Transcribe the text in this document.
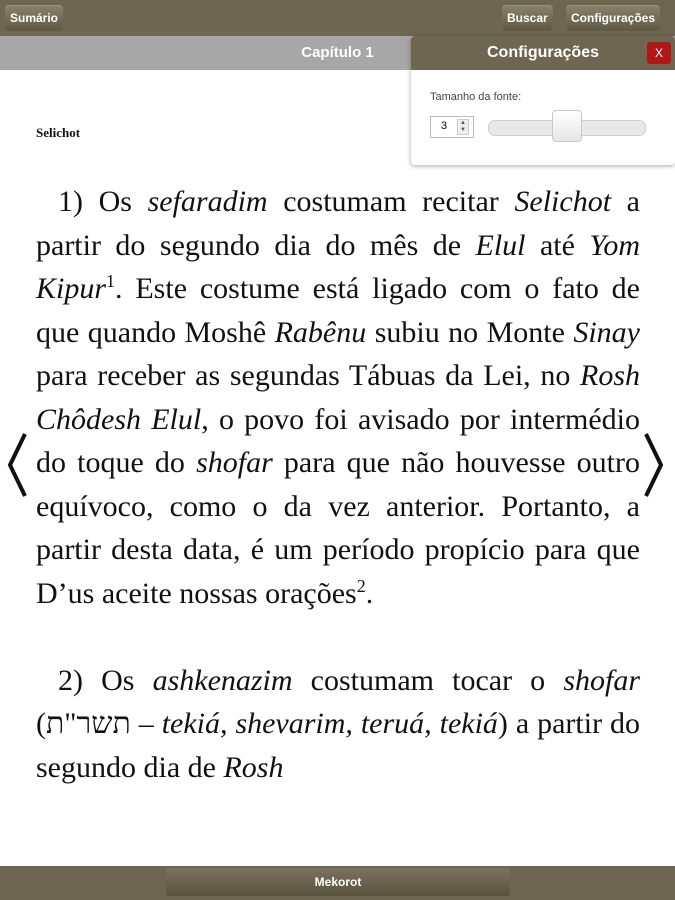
Sumário	Buscar	Configurações
Capítulo 1
Selichot

1) Os sefaradim costumam recitar Selichot a partir do segundo dia do mês de Elul até Yom Kipur$^1$. Este costume está ligado com o fato de que quando Moshê Rabênu subiu no Monte Sinay para receber as segundas Tábuas da Lei, no Rosh Chôdesh Elul, o povo foi avisado por intermédio do toque do shofar para que não houvesse outro equívoco, como o da vez anterior. Portanto, a partir desta data, é um período propício para que D’us aceite nossas orações$^2$.

2) Os ashkenazim costumam tocar o shofar (תשר"ת – tekiá, shevarim, teruá, tekiá) a partir do segundo dia de Rosh

Configurações	X
Tamanho da fonte:
3	▲
▼
Mekorot
